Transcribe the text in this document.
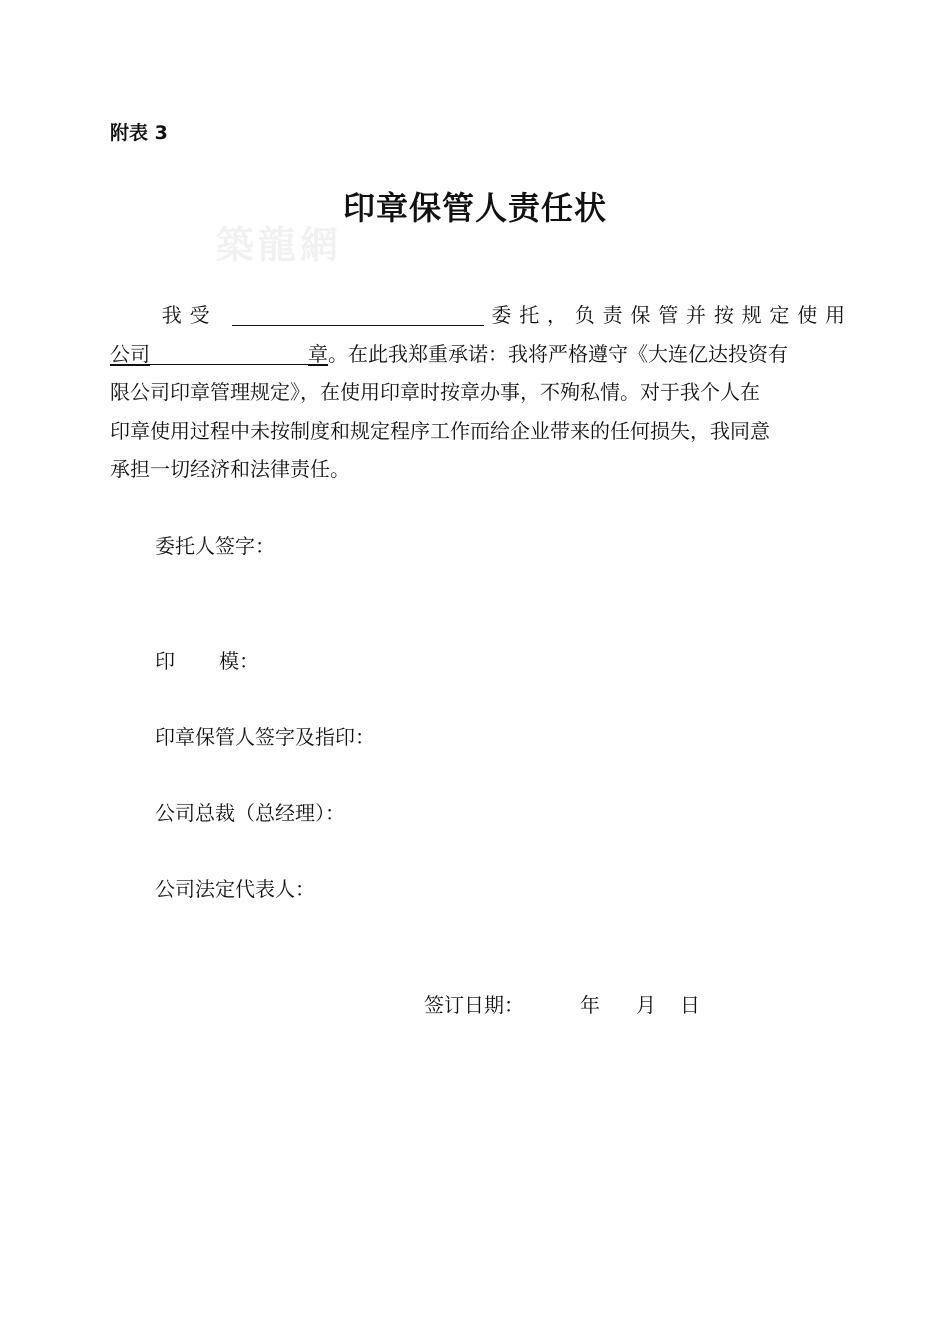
附表 3
印章保管人责任状
築龍網
我受	委托，负责保管并按规定使用
公司	章。在此我郑重承诺：我将严格遵守《大连亿达投资有
限公司印章管理规定》，在使用印章时按章办事，不殉私情。对于我个人在
印章使用过程中未按制度和规定程序工作而给企业带来的任何损失，我同意
承担一切经济和法律责任。
委托人签字：
印 模：
印章保管人签字及指印：
公司总裁（总经理）：
公司法定代表人：
签订日期：	年 月 日
